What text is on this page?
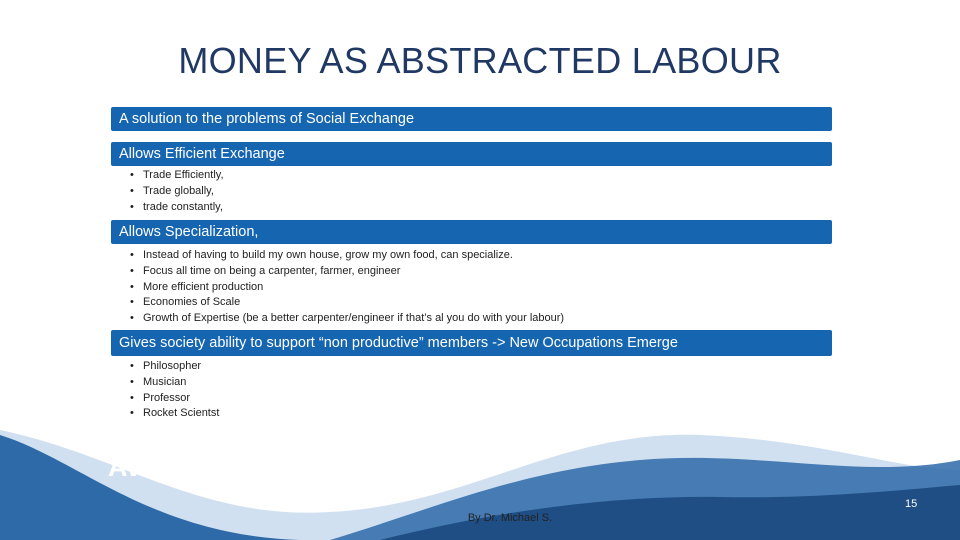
MONEY AS ABSTRACTED LABOUR
A solution to the problems of Social Exchange
Allows Efficient Exchange
• Trade Efficiently,
• Trade globally,
• trade constantly,
Allows Specialization,
• Instead of having to build my own house, grow my own food, can specialize.
• Focus all time on being a carpenter, farmer, engineer
• More efficient production
• Economies of Scale
• Growth of Expertise (be a better carpenter/engineer if that’s al you do with your labour)
Gives society ability to support “non productive” members -> New Occupations Emerge
• Philosopher
• Musician
• Professor
• Rocket Scientst
Avatar
By Dr. Michael S.
15
